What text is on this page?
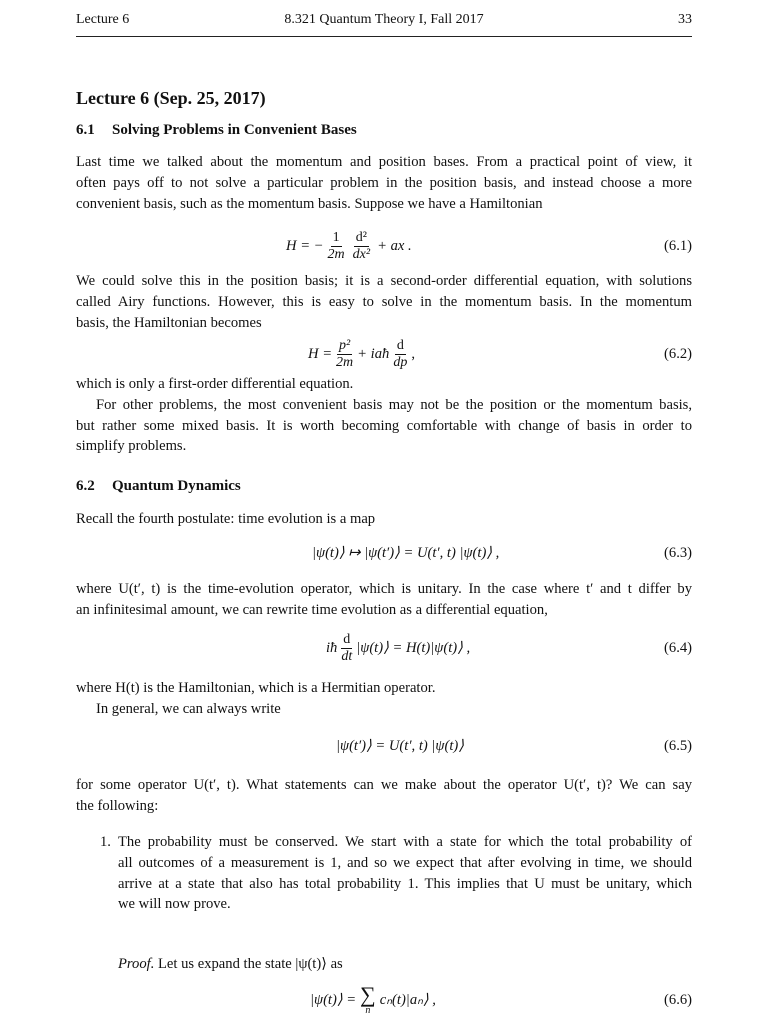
Lecture 6	8.321 Quantum Theory I, Fall 2017	33
Lecture 6 (Sep. 25, 2017)
6.1 Solving Problems in Convenient Bases
Last time we talked about the momentum and position bases. From a practical point of view, it
often pays off to not solve a particular problem in the position basis, and instead choose a more
convenient basis, such as the momentum basis. Suppose we have a Hamiltonian
H = − $\frac{1}{2m} \frac{\text{d²}}{\text{dx²}}$ + ax .	(6.1)
We could solve this in the position basis; it is a second-order differential equation, with solutions
called Airy functions. However, this is easy to solve in the momentum basis. In the momentum
basis, the Hamiltonian becomes
$H = \frac{\text{p²}}{2m}$ + iaħ $\frac{d}{dp}$ ,	(6.2)
which is only a first-order differential equation.
For other problems, the most convenient basis may not be the position or the momentum basis,
but rather some mixed basis. It is worth becoming comfortable with change of basis in order to
simplify problems.
6.2 Quantum Dynamics
Recall the fourth postulate: time evolution is a map
|ψ(t)⟩ ↦ |ψ(t′)⟩ = U(t′, t) |ψ(t)⟩ ,	(6.3)
where U(t′, t) is the time-evolution operator, which is unitary. In the case where t′ and t differ by
an infinitesimal amount, we can rewrite time evolution as a differential equation,
iħ $\frac{d}{dt}$ |ψ(t)⟩ = H(t)|ψ(t)⟩ ,	(6.4)
where H(t) is the Hamiltonian, which is a Hermitian operator.
In general, we can always write
|ψ(t′)⟩ = U(t′, t) |ψ(t)⟩	(6.5)
for some operator U(t′, t). What statements can we make about the operator U(t′, t)? We can say
the following:
1. The probability must be conserved. We start with a state for which the total probability of
all outcomes of a measurement is 1, and so we expect that after evolving in time, we should
arrive at a state that also has total probability 1. This implies that U must be unitary, which
we will now prove.
Proof. Let us expand the state |ψ(t)⟩ as
|ψ(t)⟩ = ∑
n
cₙ(t)|aₙ⟩ ,	(6.6)
